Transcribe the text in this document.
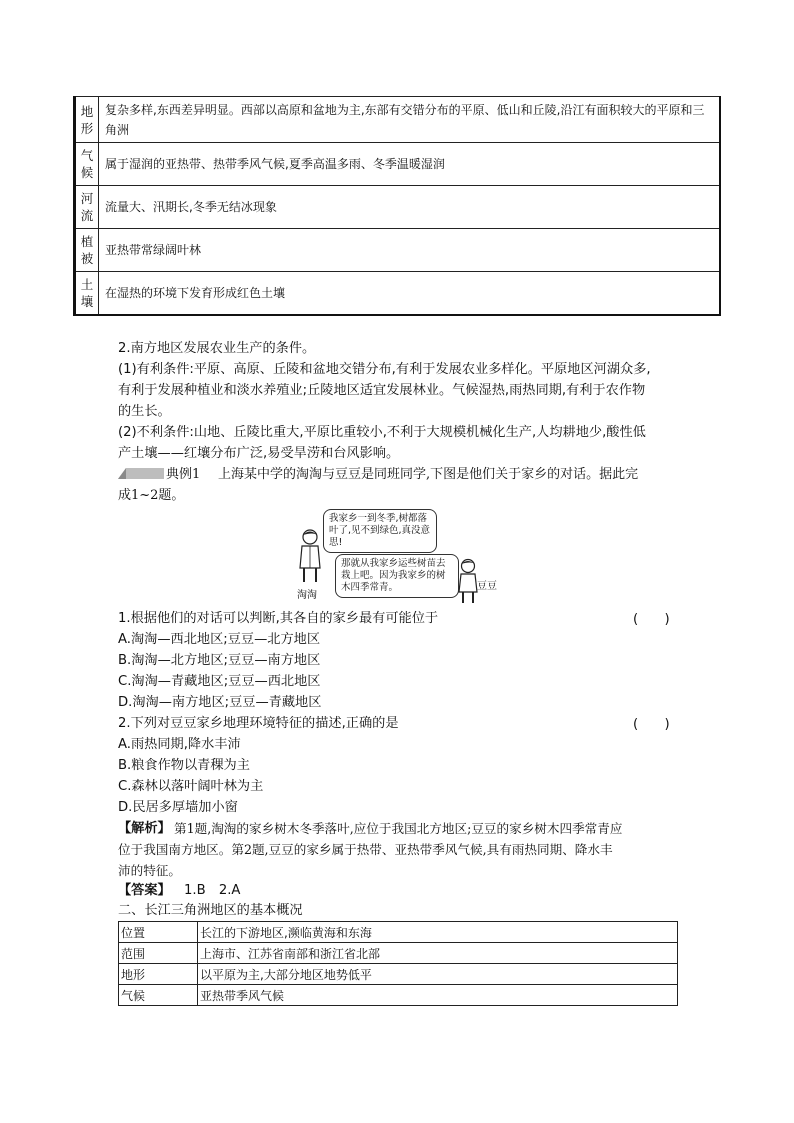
地形	复杂多样,东西差异明显。西部以高原和盆地为主,东部有交错分布的平原、低山和丘陵,沿江有面积较大的平原和三角洲
气候	属于湿润的亚热带、热带季风气候,夏季高温多雨、冬季温暖湿润
河流	流量大、汛期长,冬季无结冰现象
植被	亚热带常绿阔叶林
土壤	在湿热的环境下发育形成红色土壤
2.南方地区发展农业生产的条件。
(1)有利条件:平原、高原、丘陵和盆地交错分布,有利于发展农业多样化。平原地区河湖众多,
有利于发展种植业和淡水养殖业;丘陵地区适宜发展林业。气候湿热,雨热同期,有利于农作物
的生长。
(2)不利条件:山地、丘陵比重大,平原比重较小,不利于大规模机械化生产,人均耕地少,酸性低
产土壤——红壤分布广泛,易受旱涝和台风影响。
典例1 上海某中学的淘淘与豆豆是同班同学,下图是他们关于家乡的对话。据此完
成1~2题。
我家乡一到冬季,树都落叶了,见不到绿色,真没意思!
那就从我家乡运些树苗去栽上吧。因为我家乡的树木四季常青。
淘淘
豆豆
1.根据他们的对话可以判断,其各自的家乡最有可能位于	(　　)
A.淘淘—西北地区;豆豆—北方地区
B.淘淘—北方地区;豆豆—南方地区
C.淘淘—青藏地区;豆豆—西北地区
D.淘淘—南方地区;豆豆—青藏地区
2.下列对豆豆家乡地理环境特征的描述,正确的是	(　　)
A.雨热同期,降水丰沛
B.粮食作物以青稞为主
C.森林以落叶阔叶林为主
D.民居多厚墙加小窗
【解析】 第1题,淘淘的家乡树木冬季落叶,应位于我国北方地区;豆豆的家乡树木四季常青应
位于我国南方地区。第2题,豆豆的家乡属于热带、亚热带季风气候,具有雨热同期、降水丰
沛的特征。
【答案】 1.B　2.A
二、长江三角洲地区的基本概况
位置	长江的下游地区,濒临黄海和东海
范围	上海市、江苏省南部和浙江省北部
地形	以平原为主,大部分地区地势低平
气候	亚热带季风气候
